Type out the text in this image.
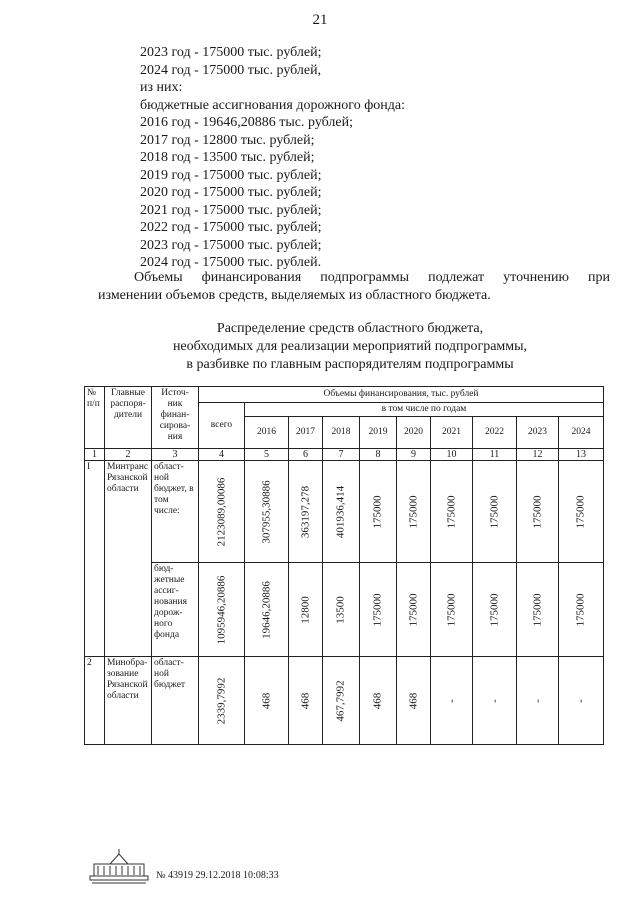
21
2023 год - 175000 тыс. рублей;
2024 год - 175000 тыс. рублей,
из них:
бюджетные ассигнования дорожного фонда:
2016 год - 19646,20886 тыс. рублей;
2017 год - 12800 тыс. рублей;
2018 год - 13500 тыс. рублей;
2019 год - 175000 тыс. рублей;
2020 год - 175000 тыс. рублей;
2021 год - 175000 тыс. рублей;
2022 год - 175000 тыс. рублей;
2023 год - 175000 тыс. рублей;
2024 год - 175000 тыс. рублей.
Объемы финансирования подпрограммы подлежат уточнению при
изменении объемов средств, выделяемых из областного бюджета.
Распределение средств областного бюджета,
необходимых для реализации мероприятий подпрограммы,
в разбивке по главным распорядителям подпрограммы
№ п/п	Главные распоря-дители	Источ-ник финан-сирова-ния	Объемы финансирования, тыс. рублей									
			всего	в том числе по годам								
				2016	2017	2018	2019	2020	2021	2022	2023	2024
1	2	3	4	5	6	7	8	9	10	11	12	13
I	Минтранс Рязанской области	област-ной бюджет, в том числе:	2123089,00086	307955,30886	363197,278	401936,414	175000	175000	175000	175000	175000	175000

		бюд-жетные ассиг-нования дорож-ного фонда	1095946,20886	19646,20886	12800	13500	175000	175000	175000	175000	175000	175000

2	Минобра-зование Рязанской области	област-ной бюджет	2339,7992	468	468	467,7992	468	468	-	-	-	-
№ 43919 29.12.2018 10:08:33
